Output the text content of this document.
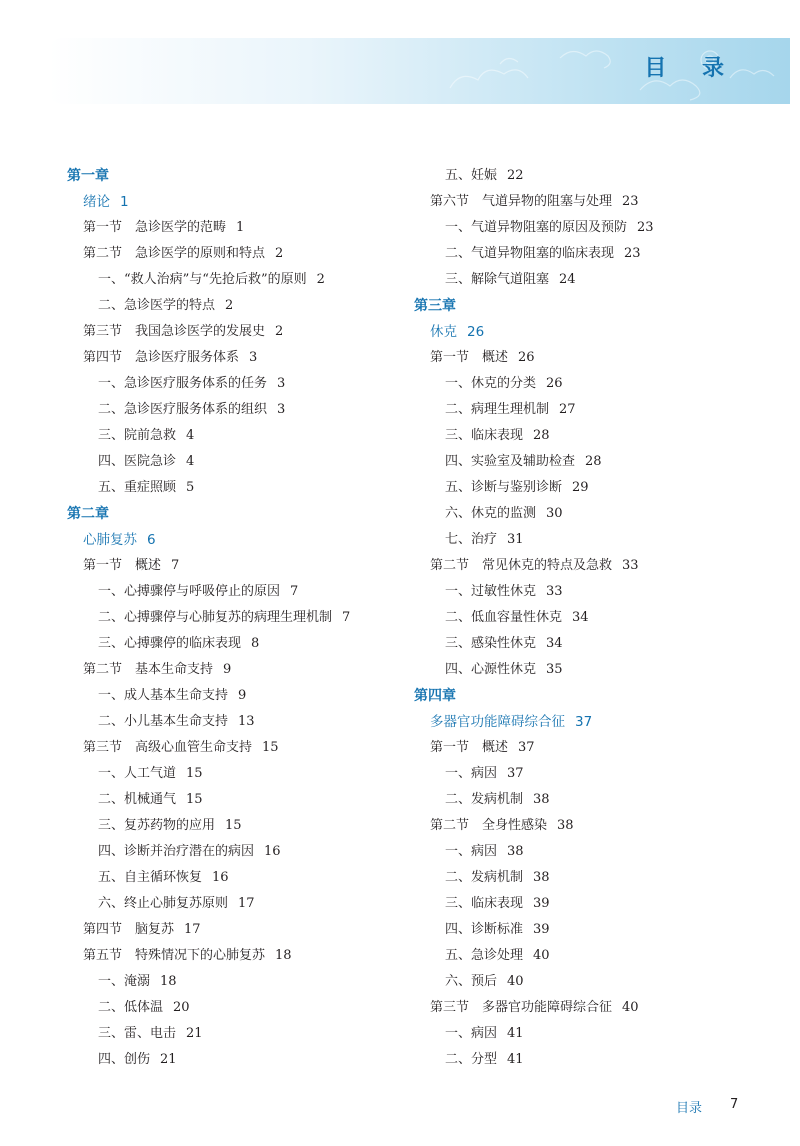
目 录
第一章
绪论 1
第一节　急诊医学的范畴 1
第二节　急诊医学的原则和特点 2
一、“救人治病”与“先抢后救”的原则 2
二、急诊医学的特点 2
第三节　我国急诊医学的发展史 2
第四节　急诊医疗服务体系 3
一、急诊医疗服务体系的任务 3
二、急诊医疗服务体系的组织 3
三、院前急救 4
四、医院急诊 4
五、重症照顾 5
第二章
心肺复苏 6
第一节　概述 7
一、心搏骤停与呼吸停止的原因 7
二、心搏骤停与心肺复苏的病理生理机制 7
三、心搏骤停的临床表现 8
第二节　基本生命支持 9
一、成人基本生命支持 9
二、小儿基本生命支持 13
第三节　高级心血管生命支持 15
一、人工气道 15
二、机械通气 15
三、复苏药物的应用 15
四、诊断并治疗潜在的病因 16
五、自主循环恢复 16
六、终止心肺复苏原则 17
第四节　脑复苏 17
第五节　特殊情况下的心肺复苏 18
一、淹溺 18
二、低体温 20
三、雷、电击 21
四、创伤 21
五、妊娠 22
第六节　气道异物的阻塞与处理 23
一、气道异物阻塞的原因及预防 23
二、气道异物阻塞的临床表现 23
三、解除气道阻塞 24
第三章
休克 26
第一节　概述 26
一、休克的分类 26
二、病理生理机制 27
三、临床表现 28
四、实验室及辅助检查 28
五、诊断与鉴别诊断 29
六、休克的监测 30
七、治疗 31
第二节　常见休克的特点及急救 33
一、过敏性休克 33
二、低血容量性休克 34
三、感染性休克 34
四、心源性休克 35
第四章
多器官功能障碍综合征 37
第一节　概述 37
一、病因 37
二、发病机制 38
第二节　全身性感染 38
一、病因 38
二、发病机制 38
三、临床表现 39
四、诊断标准 39
五、急诊处理 40
六、预后 40
第三节　多器官功能障碍综合征 40
一、病因 41
二、分型 41
目录 7
